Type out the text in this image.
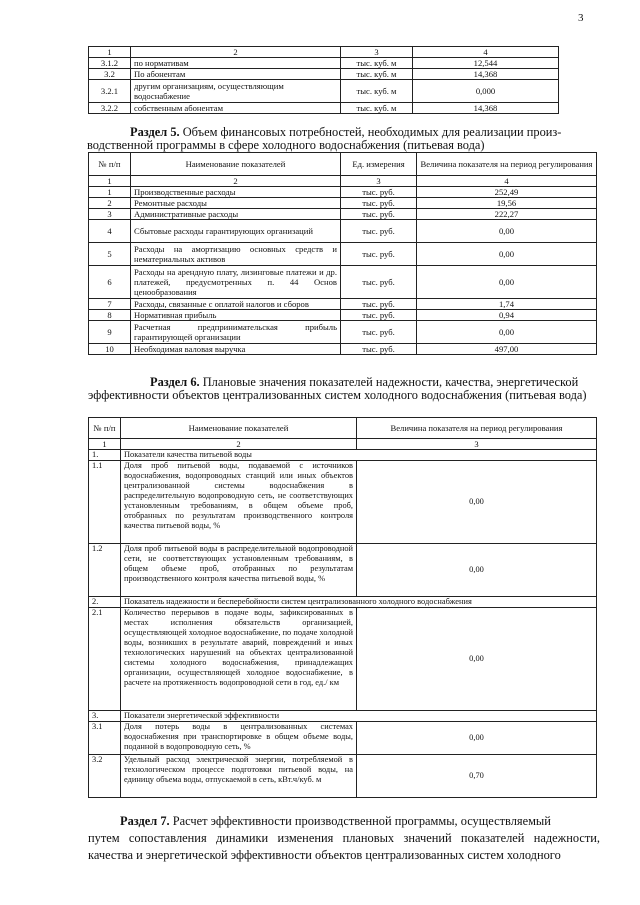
3
1	2	3	4
3.1.2	по нормативам	тыс. куб. м	12,544
3.2	По абонентам	тыс. куб. м	14,368
3.2.1	другим организациям, осуществляющим водоснабжение	тыс. куб. м	0,000
3.2.2	собственным абонентам	тыс. куб. м	14,368
Раздел 5. Объем финансовых потребностей, необходимых для реализации произ-
водственной программы в сфере холодного водоснабжения (питьевая вода)
№ п/п	Наименование показателей	Ед. измерения	Величина показателя на период регулирования
1	2	3	4
1	Производственные расходы	тыс. руб.	252,49
2	Ремонтные расходы	тыс. руб.	19,56
3	Административные расходы	тыс. руб.	222,27
4	Сбытовые расходы гарантирующих организаций	тыс. руб.	0,00
5	Расходы на амортизацию основных средств и нематериальных активов	тыс. руб.	0,00
6	Расходы на арендную плату, лизинговые платежи и др. платежей, предусмотренных п. 44 Основ ценообразования	тыс. руб.	0,00
7	Расходы, связанные с оплатой налогов и сборов	тыс. руб.	1,74
8	Нормативная прибыль	тыс. руб.	0,94
9	Расчетная предпринимательская прибыль гарантирующей организации	тыс. руб.	0,00
10	Необходимая валовая выручка	тыс. руб.	497,00
Раздел 6. Плановые значения показателей надежности, качества, энергетической
эффективности объектов централизованных систем холодного водоснабжения (питьевая вода)
№ п/п	Наименование показателей	Величина показателя на период регулирования
1	2	3
1.	Показатели качества питьевой воды	
1.1	Доля проб питьевой воды, подаваемой с источников водоснабжения, водопроводных станций или иных объектов централизованной системы водоснабжения в распределительную водопроводную сеть, не соответствующих установленным требованиям, в общем объеме проб, отобранных по результатам производственного контроля качества питьевой воды, %	0,00
1.2	Доля проб питьевой воды в распределительной водопроводной сети, не соответствующих установленным требованиям, в общем объеме проб, отобранных по результатам производственного контроля качества питьевой воды, %	0,00
2.	Показатель надежности и бесперебойности систем централизованного холодного водоснабжения	
2.1	Количество перерывов в подаче воды, зафиксированных в местах исполнения обязательств организацией, осуществляющей холодное водоснабжение, по подаче холодной воды, возникших в результате аварий, повреждений и иных технологических нарушений на объектах централизованной системы холодного водоснабжения, принадлежащих организации, осуществляющей холодное водоснабжение, в расчете на протяженность водопроводной сети в год, ед./ км	0,00
3.	Показатели энергетической эффективности	
3.1	Доля потерь воды в централизованных системах водоснабжения при транспортировке в общем объеме воды, поданной в водопроводную сеть, %	0,00
3.2	Удельный расход электрической энергии, потребляемой в технологическом процессе подготовки питьевой воды, на единицу объема воды, отпускаемой в сеть, кВт.ч/куб. м	0,70
Раздел 7. Расчет эффективности производственной программы, осуществляемый
путем сопоставления динамики изменения плановых значений показателей надежности, качества и энергетической эффективности объектов централизованных систем холодного
